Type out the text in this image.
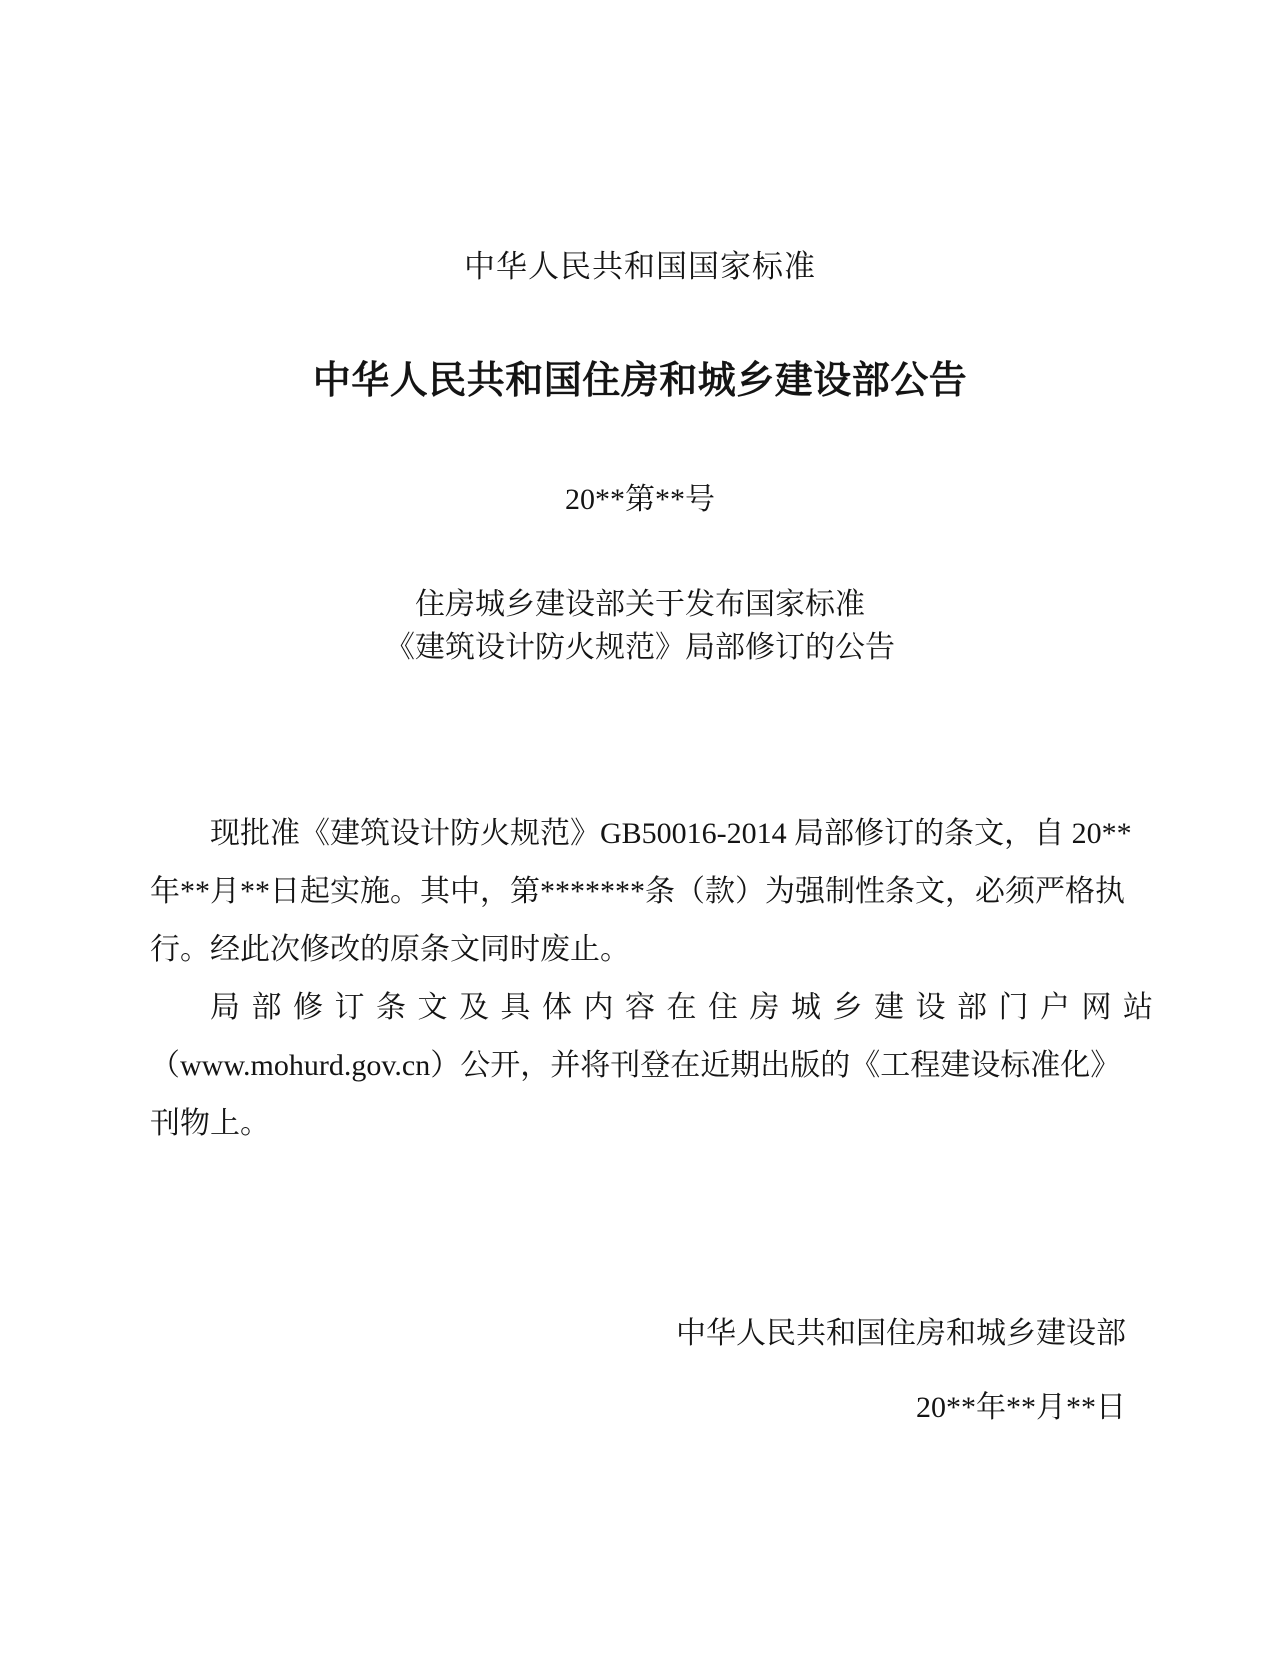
中华人民共和国国家标准
中华人民共和国住房和城乡建设部公告
20**第**号
住房城乡建设部关于发布国家标准
《建筑设计防火规范》局部修订的公告
现批准《建筑设计防火规范》GB50016-2014 局部修订的条文，自 20**
年**月**日起实施。其中，第*******条（款）为强制性条文，必须严格执
行。经此次修改的原条文同时废止。
局部修订条文及具体内容在住房城乡建设部门户网站
（www.mohurd.gov.cn）公开，并将刊登在近期出版的《工程建设标准化》
刊物上。
中华人民共和国住房和城乡建设部
20**年**月**日
